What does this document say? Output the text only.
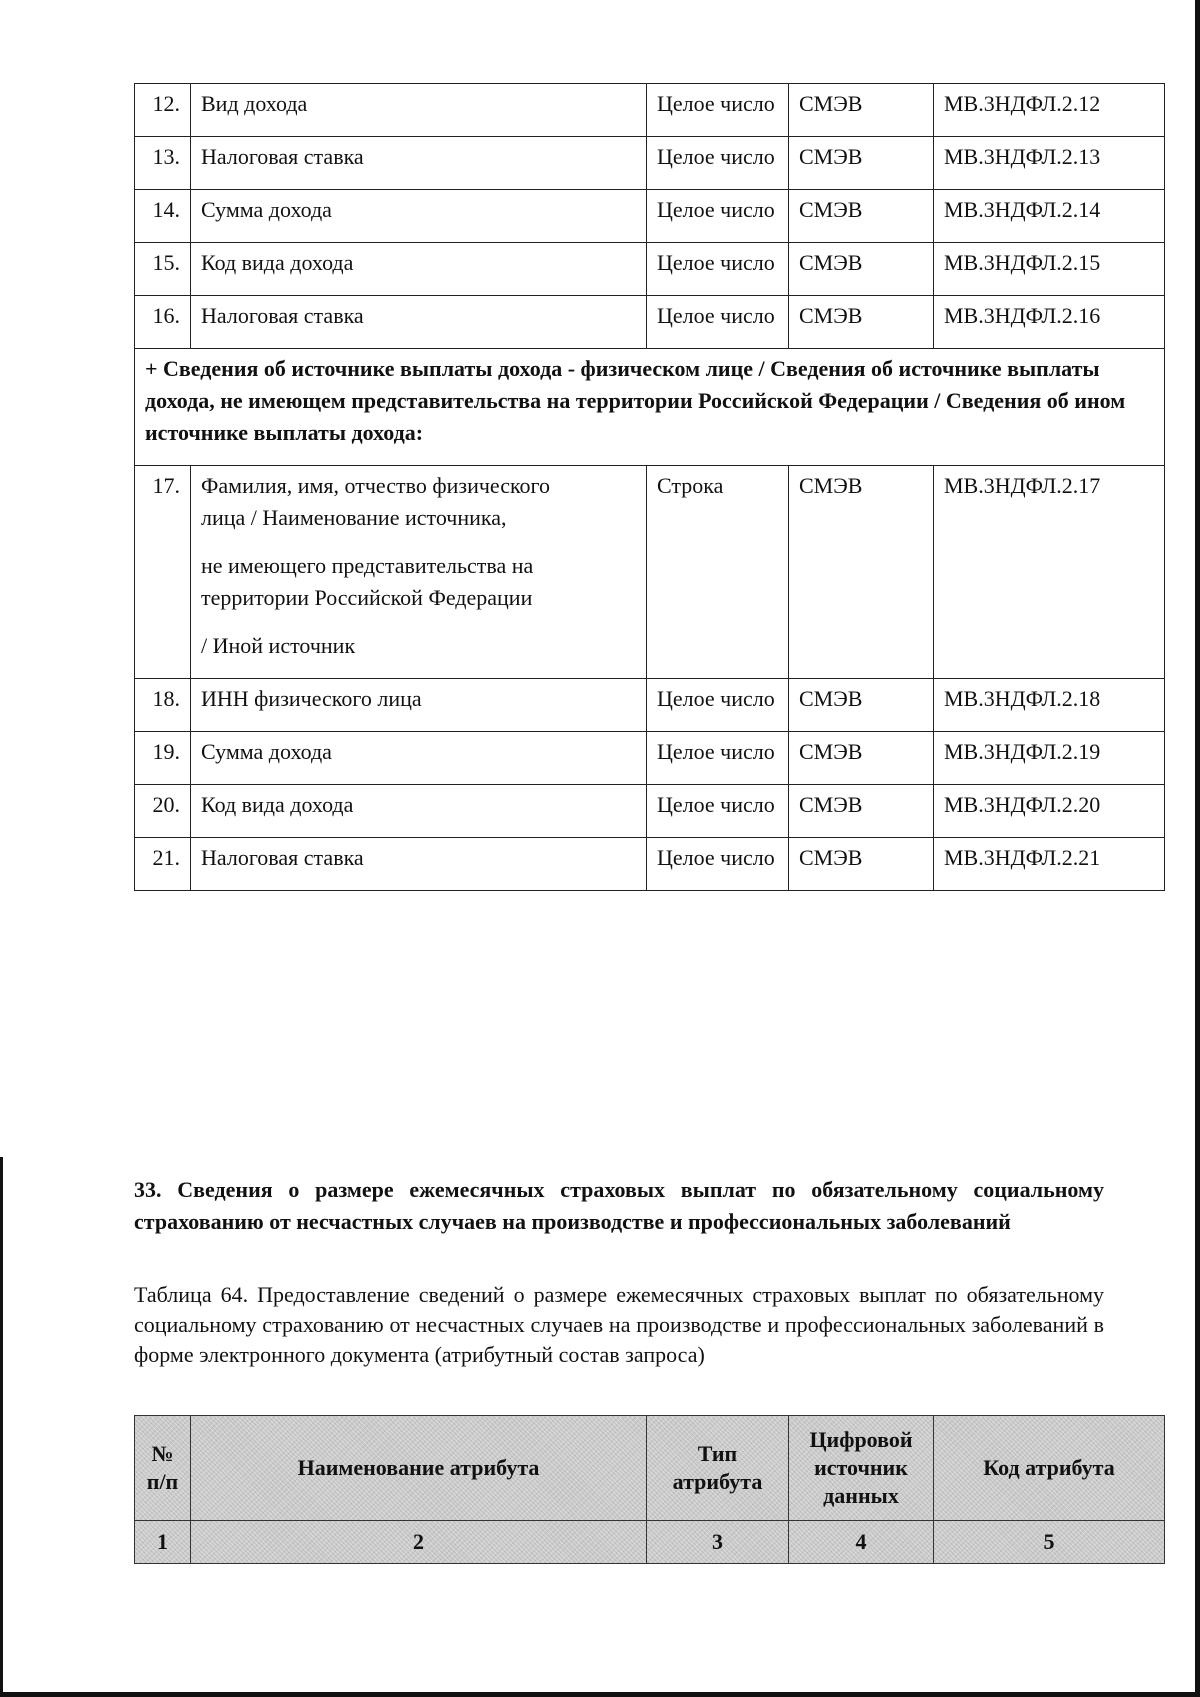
12.	Вид дохода	Целое число	СМЭВ	МВ.3НДФЛ.2.12
13.	Налоговая ставка	Целое число	СМЭВ	МВ.3НДФЛ.2.13
14.	Сумма дохода	Целое число	СМЭВ	МВ.3НДФЛ.2.14
15.	Код вида дохода	Целое число	СМЭВ	МВ.3НДФЛ.2.15
16.	Налоговая ставка	Целое число	СМЭВ	МВ.3НДФЛ.2.16
+ Сведения об источнике выплаты дохода - физическом лице / Сведения об источнике выплаты дохода, не имеющем представительства на территории Российской Федерации / Сведения об ином источнике выплаты дохода:				
17.	Фамилия, имя, отчество физического
лица / Наименование источника,
не имеющего представительства на
территории Российской Федерации
/ Иной источник	Строка	СМЭВ	МВ.3НДФЛ.2.17
18.	ИНН физического лица	Целое число	СМЭВ	МВ.3НДФЛ.2.18
19.	Сумма дохода	Целое число	СМЭВ	МВ.3НДФЛ.2.19
20.	Код вида дохода	Целое число	СМЭВ	МВ.3НДФЛ.2.20
21.	Налоговая ставка	Целое число	СМЭВ	МВ.3НДФЛ.2.21
33. Сведения о размере ежемесячных страховых выплат по обязательному социальному страхованию от несчастных случаев на производстве и профессиональных заболеваний
Таблица 64. Предоставление сведений о размере ежемесячных страховых выплат по обязательному социальному страхованию от несчастных случаев на производстве и профессиональных заболеваний в форме электронного документа (атрибутный состав запроса)
№ п/п	Наименование атрибута	Тип атрибута	Цифровой источник данных	Код атрибута
1	2	3	4	5
